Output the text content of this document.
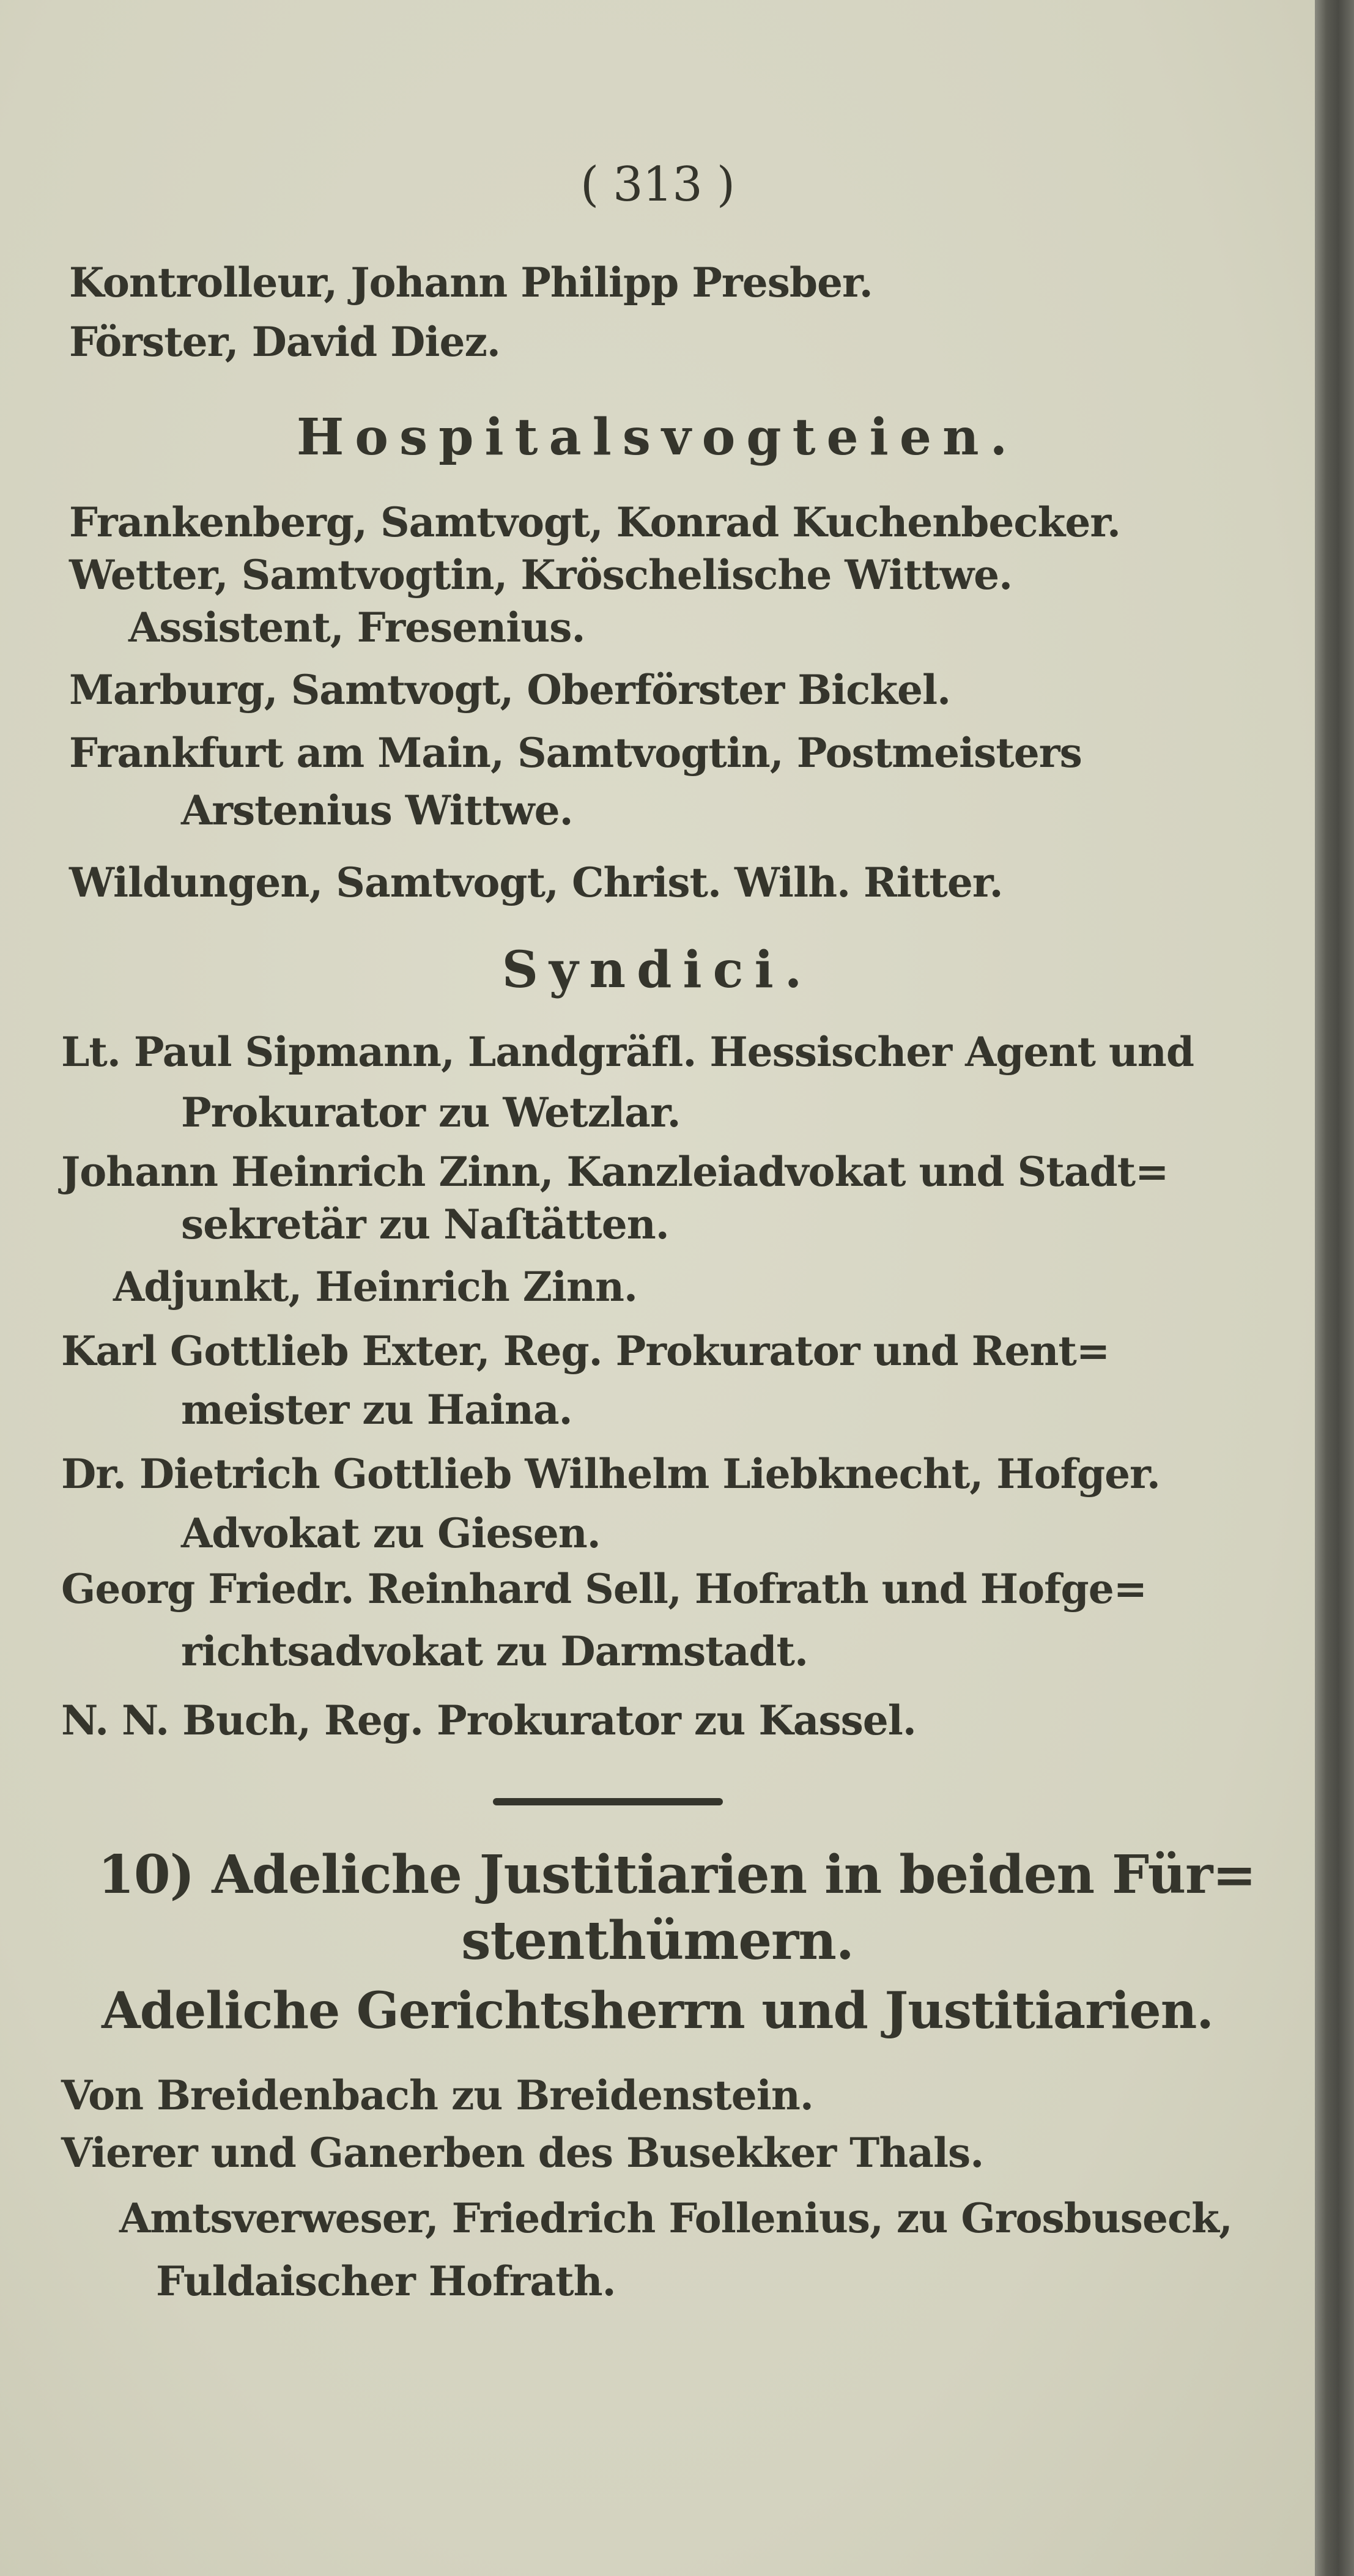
( 313 )
Kontrolleur, Johann Philipp Presber.
Förster, David Diez.
Hospitalsvogteien.
Frankenberg, Samtvogt, Konrad Kuchenbecker.
Wetter, Samtvogtin, Kröschelische Wittwe.
Assistent, Fresenius.
Marburg, Samtvogt, Oberförster Bickel.
Frankfurt am Main, Samtvogtin, Postmeisters
Arstenius Wittwe.
Wildungen, Samtvogt, Christ. Wilh. Ritter.
Syndici.
Lt. Paul Sipmann, Landgräfl. Hessischer Agent und
Prokurator zu Wetzlar.
Johann Heinrich Zinn, Kanzleiadvokat und Stadt=
sekretär zu Naſtätten.
Adjunkt, Heinrich Zinn.
Karl Gottlieb Exter, Reg. Prokurator und Rent=
meister zu Haina.
Dr. Dietrich Gottlieb Wilhelm Liebknecht, Hofger.
Advokat zu Giesen.
Georg Friedr. Reinhard Sell, Hofrath und Hofge=
richtsadvokat zu Darmstadt.
N. N. Buch, Reg. Prokurator zu Kassel.
10) Adeliche Justitiarien in beiden Für=
stenthümern.
Adeliche Gerichtsherrn und Justitiarien.
Von Breidenbach zu Breidenstein.
Vierer und Ganerben des Busekker Thals.
Amtsverweser, Friedrich Follenius, zu Grosbuseck,
Fuldaischer Hofrath.
